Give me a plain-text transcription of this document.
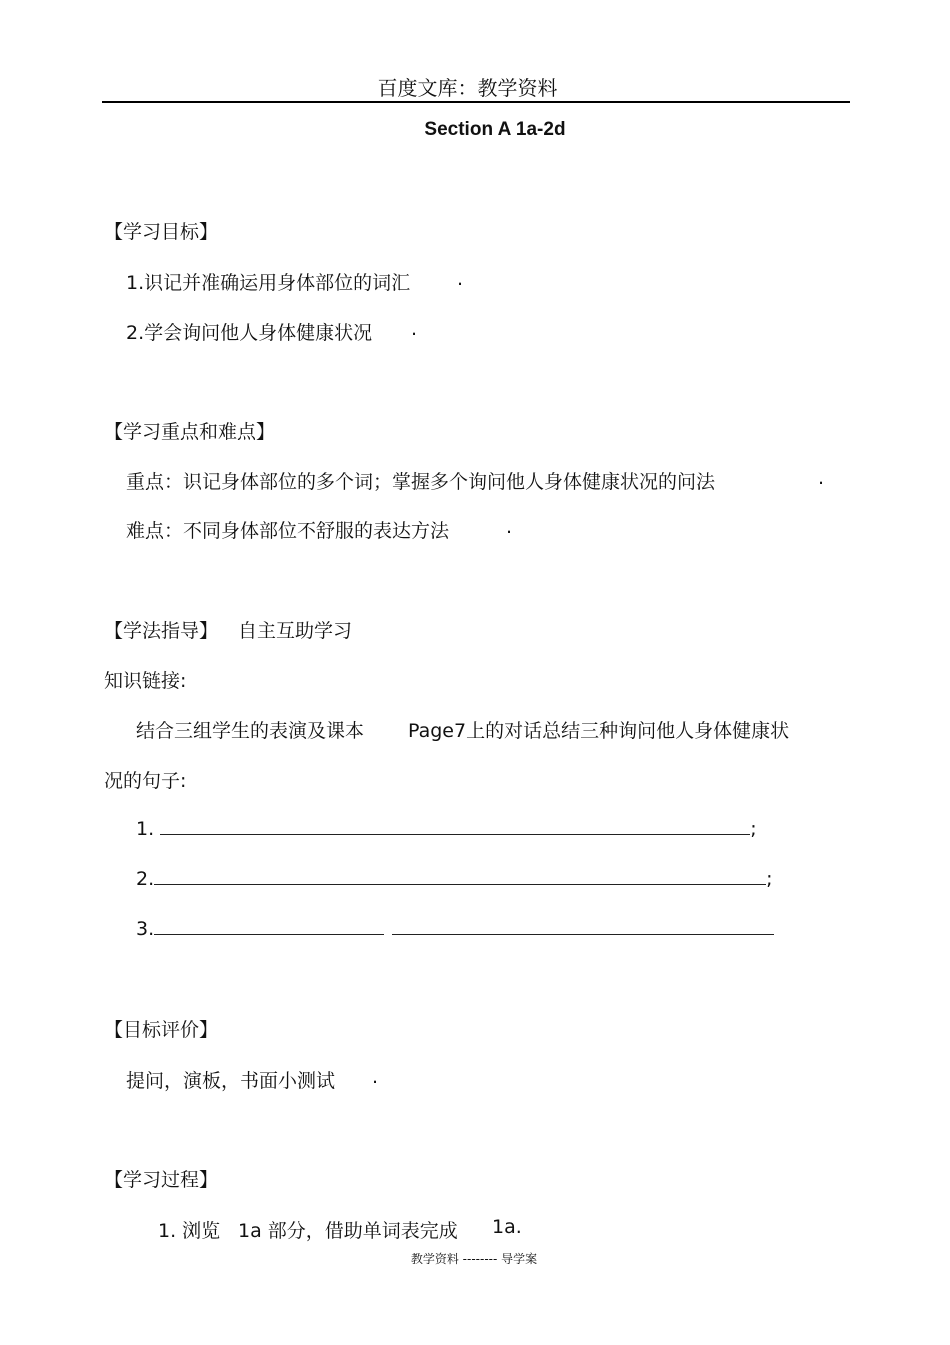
百度文库：教学资料
Section A 1a-2d
【学习目标】
1.识记并准确运用身体部位的词汇 .
2.学会询问他人身体健康状况 .
【学习重点和难点】
重点：识记身体部位的多个词；掌握多个询问他人身体健康状况的问法	.
难点：不同身体部位不舒服的表达方法	.
【学法指导】 自主互助学习
知识链接:
结合三组学生的表演及课本 Page7上的对话总结三种询问他人身体健康状
况的句子:
1.	;
2.	;
3.
【目标评价】
提问，演板，书面小测试 .
【学习过程】
1. 浏览 1a 部分，借助单词表完成 1a.
教学资料 -------- 导学案
